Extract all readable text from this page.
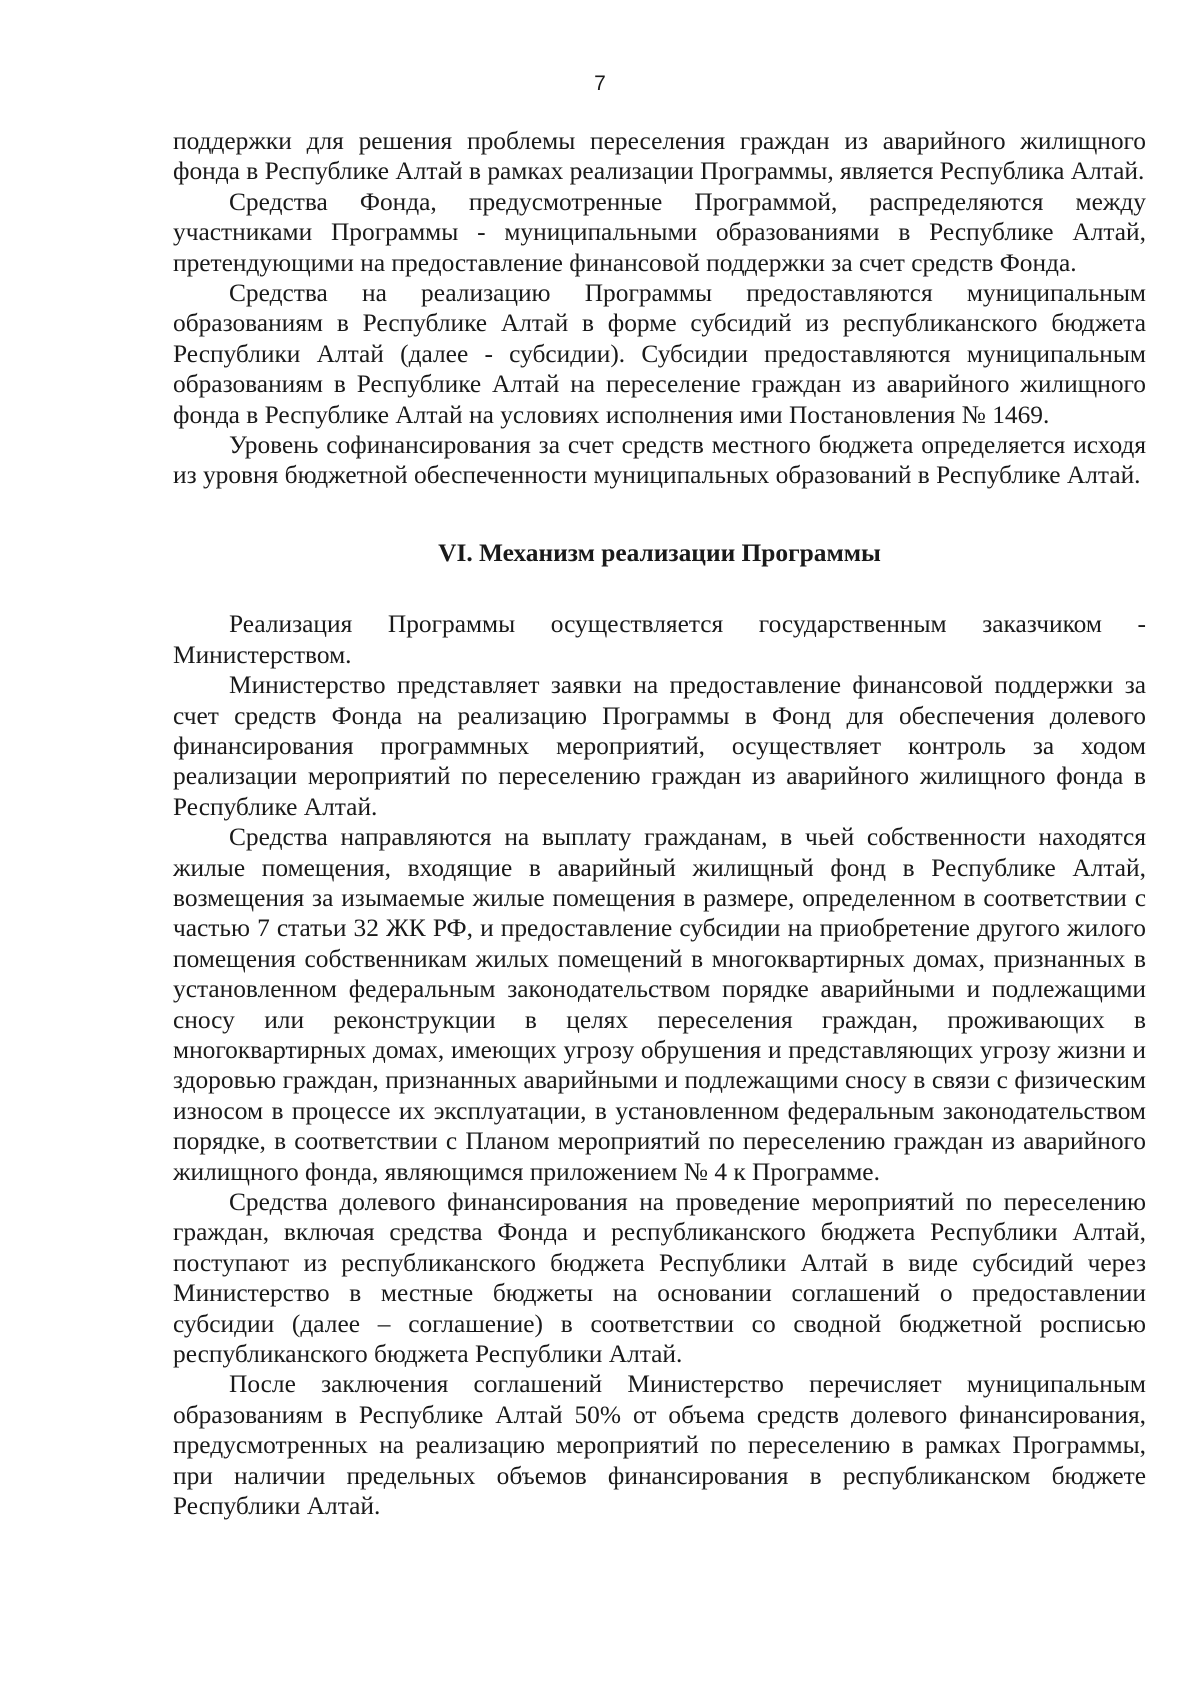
7

поддержки для решения проблемы переселения граждан из аварийного жилищного фонда в Республике Алтай в рамках реализации Программы, является Республика Алтай.

Средства Фонда, предусмотренные Программой, распределяются между участниками Программы - муниципальными образованиями в Республике Алтай, претендующими на предоставление финансовой поддержки за счет средств Фонда.

Средства на реализацию Программы предоставляются муниципальным образованиям в Республике Алтай в форме субсидий из республиканского бюджета Республики Алтай (далее - субсидии). Субсидии предоставляются муниципальным образованиям в Республике Алтай на переселение граждан из аварийного жилищного фонда в Республике Алтай на условиях исполнения ими Постановления № 1469.

Уровень софинансирования за счет средств местного бюджета определяется исходя из уровня бюджетной обеспеченности муниципальных образований в Республике Алтай.

VI. Механизм реализации Программы

Реализация Программы осуществляется государственным заказчиком - Министерством.

Министерство представляет заявки на предоставление финансовой поддержки за счет средств Фонда на реализацию Программы в Фонд для обеспечения долевого финансирования программных мероприятий, осуществляет контроль за ходом реализации мероприятий по переселению граждан из аварийного жилищного фонда в Республике Алтай.

Средства направляются на выплату гражданам, в чьей собственности находятся жилые помещения, входящие в аварийный жилищный фонд в Республике Алтай, возмещения за изымаемые жилые помещения в размере, определенном в соответствии с частью 7 статьи 32 ЖК РФ, и предоставление субсидии на приобретение другого жилого помещения собственникам жилых помещений в многоквартирных домах, признанных в установленном федеральным законодательством порядке аварийными и подлежащими сносу или реконструкции в целях переселения граждан, проживающих в многоквартирных домах, имеющих угрозу обрушения и представляющих угрозу жизни и здоровью граждан, признанных аварийными и подлежащими сносу в связи с физическим износом в процессе их эксплуатации, в установленном федеральным законодательством порядке, в соответствии с Планом мероприятий по переселению граждан из аварийного жилищного фонда, являющимся приложением № 4 к Программе.

Средства долевого финансирования на проведение мероприятий по переселению граждан, включая средства Фонда и республиканского бюджета Республики Алтай, поступают из республиканского бюджета Республики Алтай в виде субсидий через Министерство в местные бюджеты на основании соглашений о предоставлении субсидии (далее – соглашение) в соответствии со сводной бюджетной росписью республиканского бюджета Республики Алтай.

После заключения соглашений Министерство перечисляет муниципальным образованиям в Республике Алтай 50% от объема средств долевого финансирования, предусмотренных на реализацию мероприятий по переселению в рамках Программы, при наличии предельных объемов финансирования в республиканском бюджете Республики Алтай.
